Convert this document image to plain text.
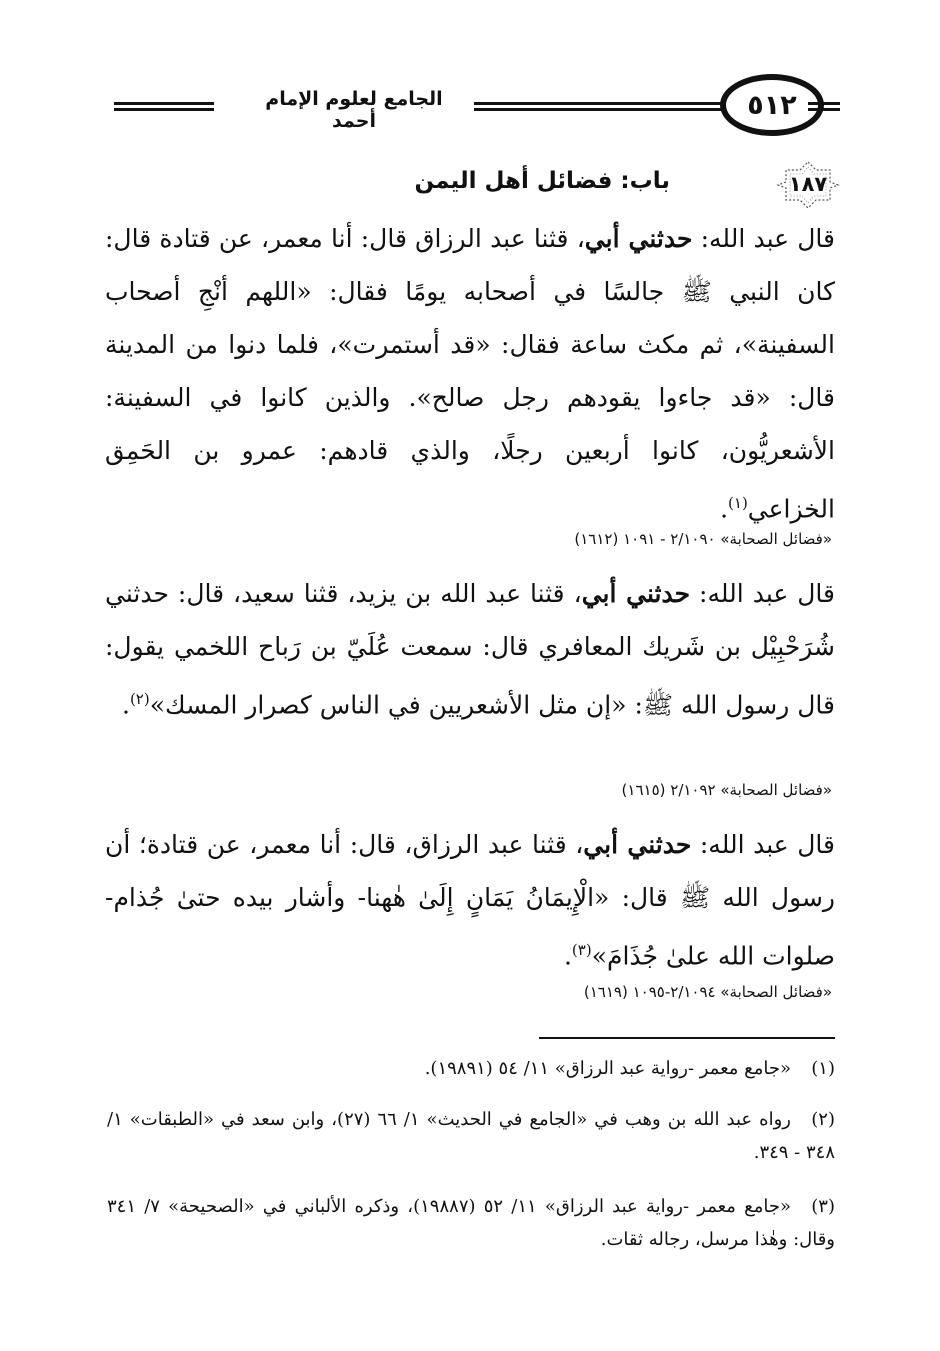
٥١٢
الجامع لعلوم الإمام أحمد
١٨٧
باب: فضائل أهل اليمن
قال عبد الله: حدثني أبي، قثنا عبد الرزاق قال: أنا معمر، عن قتادة قال: كان النبي ﷺ جالسًا في أصحابه يومًا فقال: «اللهم أنْجِ أصحاب السفينة»، ثم مكث ساعة فقال: «قد أستمرت»، فلما دنوا من المدينة قال: «قد جاءوا يقودهم رجل صالح». والذين كانوا في السفينة: الأشعريُّون، كانوا أربعين رجلًا، والذي قادهم: عمرو بن الحَمِق الخزاعي$^{(١)}$.
«فضائل الصحابة» ٢/١٠٩٠ - ١٠٩١ (١٦١٢)
قال عبد الله: حدثني أبي، قثنا عبد الله بن يزيد، قثنا سعيد، قال: حدثني شُرَحْبِيْل بن شَريك المعافري قال: سمعت عُلَيّ بن رَباح اللخمي يقول: قال رسول الله ﷺ: «إن مثل الأشعريين في الناس كصرار المسك»$^{(٢)}$.
«فضائل الصحابة» ٢/١٠٩٢ (١٦١٥)
قال عبد الله: حدثني أبي، قثنا عبد الرزاق، قال: أنا معمر، عن قتادة؛ أن رسول الله ﷺ قال: «الْإِيمَانُ يَمَانٍ إِلَىٰ هٰهنا- وأشار بيده حتىٰ جُذام- صلوات الله علىٰ جُذَامَ»$^{(٣)}$.
«فضائل الصحابة» ٢/١٠٩٤-١٠٩٥ (١٦١٩)
(١)«جامع معمر -رواية عبد الرزاق» ١١/ ٥٤ (١٩٨٩١).
(٢)رواه عبد الله بن وهب في «الجامع في الحديث» ١/ ٦٦ (٢٧)، وابن سعد في «الطبقات» ١/ ٣٤٨ - ٣٤٩.
(٣)«جامع معمر -رواية عبد الرزاق» ١١/ ٥٢ (١٩٨٨٧)، وذكره الألباني في «الصحيحة» ٧/ ٣٤١ وقال: وهٰذا مرسل، رجاله ثقات.
